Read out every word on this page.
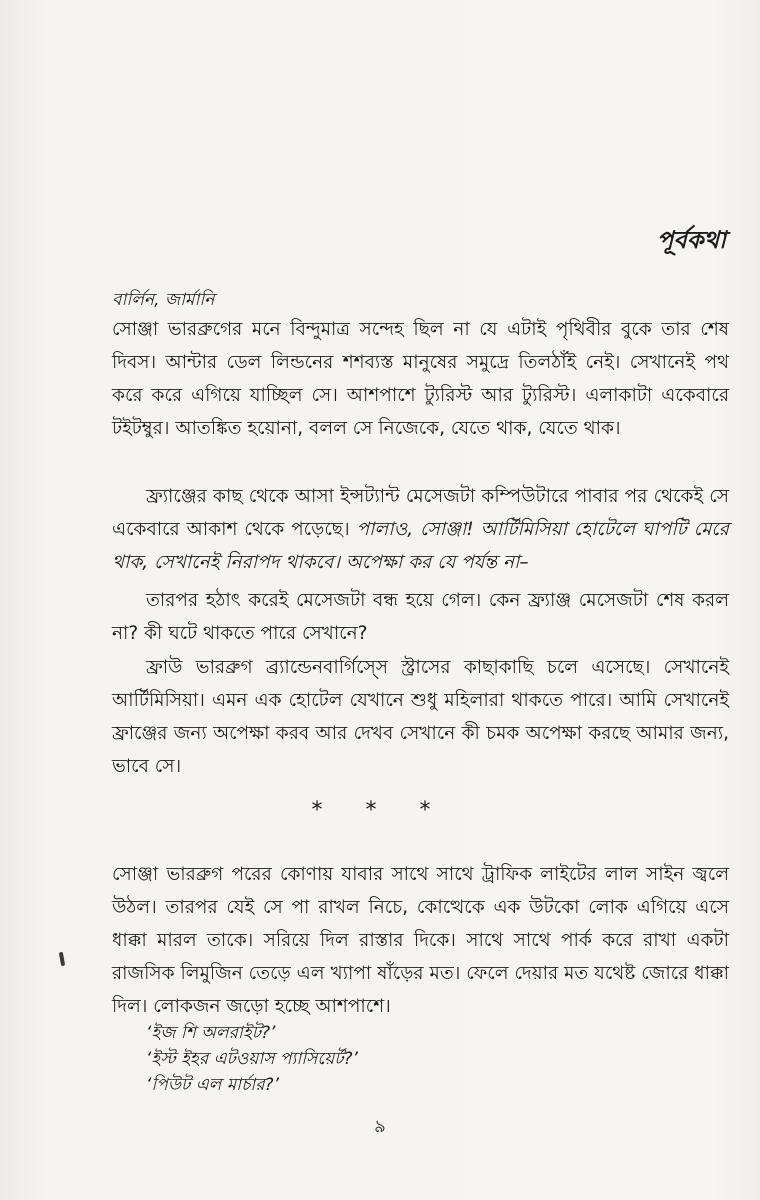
পূর্বকথা

বার্লিন, জার্মানি

সোঞ্জা ভারব্রুগের মনে বিন্দুমাত্র সন্দেহ ছিল না যে এটাই পৃথিবীর বুকে তার শেষ দিবস। আন্টার ডেল লিন্ডনের শশব্যস্ত মানুষের সমুদ্রে তিলঠাঁই নেই। সেখানেই পথ করে করে এগিয়ে যাচ্ছিল সে। আশপাশে ট্যুরিস্ট আর ট্যুরিস্ট। এলাকাটা একেবারে টইটম্বুর। আতঙ্কিত হয়োনা, বলল সে নিজেকে, যেতে থাক, যেতে থাক।

ফ্র্যাঞ্জের কাছ থেকে আসা ইন্সট্যান্ট মেসেজটা কম্পিউটারে পাবার পর থেকেই সে একেবারে আকাশ থেকে পড়েছে। পালাও, সোঞ্জা! আর্টিমিসিয়া হোটেলে ঘাপটি মেরে থাক, সেখানেই নিরাপদ থাকবে। অপেক্ষা কর যে পর্যন্ত না–

তারপর হঠাৎ করেই মেসেজটা বন্ধ হয়ে গেল। কেন ফ্র্যাঞ্জ মেসেজটা শেষ করল না? কী ঘটে থাকতে পারে সেখানে?

ফ্রাউ ভারব্রুগ ব্র্যান্ডেনবার্গিস্সে স্ট্রাসের কাছাকাছি চলে এসেছে। সেখানেই আর্টিমিসিয়া। এমন এক হোটেল যেখানে শুধু মহিলারা থাকতে পারে। আমি সেখানেই ফ্রাঞ্জের জন্য অপেক্ষা করব আর দেখব সেখানে কী চমক অপেক্ষা করছে আমার জন্য, ভাবে সে।

* * *

সোঞ্জা ভারব্রুগ পরের কোণায় যাবার সাথে সাথে ট্রাফিক লাইটের লাল সাইন জ্বলে উঠল। তারপর যেই সে পা রাখল নিচে, কোত্থেকে এক উটকো লোক এগিয়ে এসে ধাক্কা মারল তাকে। সরিয়ে দিল রাস্তার দিকে। সাথে সাথে পার্ক করে রাখা একটা রাজসিক লিমুজিন তেড়ে এল খ্যাপা ষাঁড়ের মত। ফেলে দেয়ার মত যথেষ্ট জোরে ধাক্কা দিল। লোকজন জড়ো হচ্ছে আশপাশে।

‘ইজ শি অলরাইট?’
‘ইস্ট ইহর এটওয়াস প্যাসিয়ের্ট?’
‘পিউট এল মার্চার?’

৯
